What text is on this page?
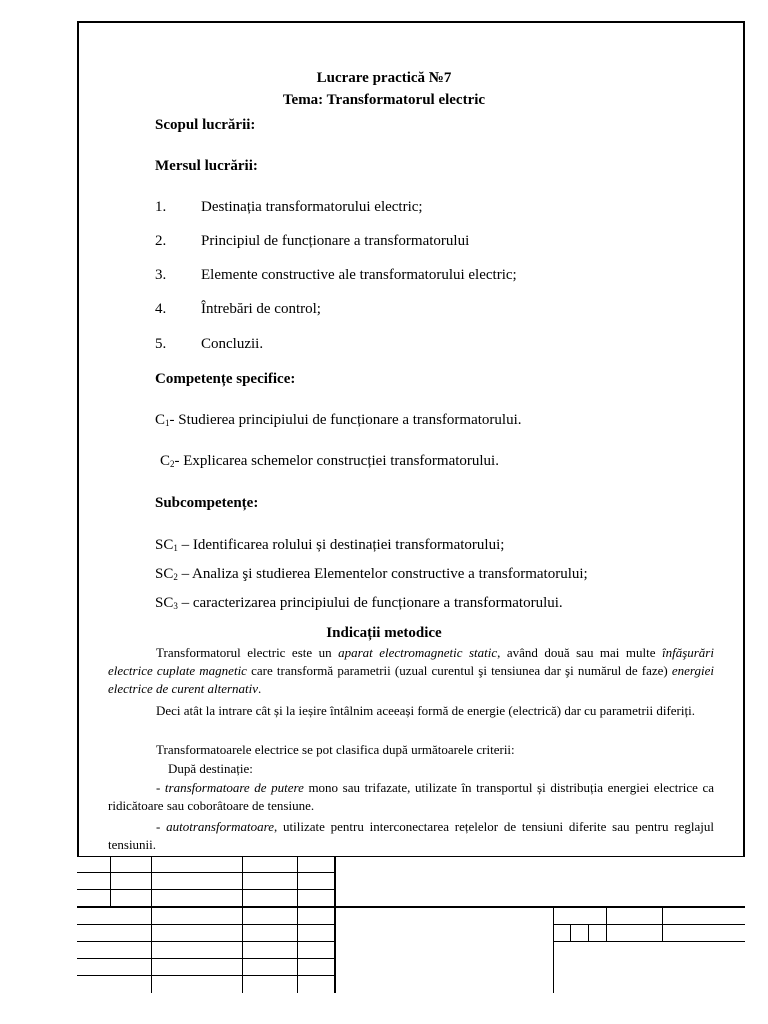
Lucrare practică №7
Tema: Transformatorul electric
Scopul lucrării:
Mersul lucrării:
1. Destinația transformatorului electric;
2. Principiul de funcționare a transformatorului
3. Elemente constructive ale transformatorului electric;
4. Întrebări de control;
5. Concluzii.
Competențe specifice:
$C_1-$ Studierea principiului de funcționare a transformatorului.
$C_2-$ Explicarea schemelor construcției transformatorului.
Subcompetențe:
$SC_1$ – Identificarea rolului și destinației transformatorului;
$SC_2$ – Analiza şi studierea Elementelor constructive a transformatorului;
$SC_3$ – caracterizarea principiului de funcționare a transformatorului.
Indicații metodice
Transformatorul electric este un aparat electromagnetic static, având două sau mai multe înfăşurări electrice cuplate magnetic care transformă parametrii (uzual curentul şi tensiunea dar şi numărul de faze) energiei electrice de curent alternativ.
Deci atât la intrare cât și la ieșire întâlnim aceeași formă de energie (electrică) dar cu parametrii diferiți.
Transformatoarele electrice se pot clasifica după următoarele criterii:
După destinație:
- transformatoare de putere mono sau trifazate, utilizate în transportul și distribuția energiei electrice ca ridicătoare sau coborâtoare de tensiune.
- autotransformatoare, utilizate pentru interconectarea rețelelor de tensiuni diferite sau pentru reglajul tensiunii.
